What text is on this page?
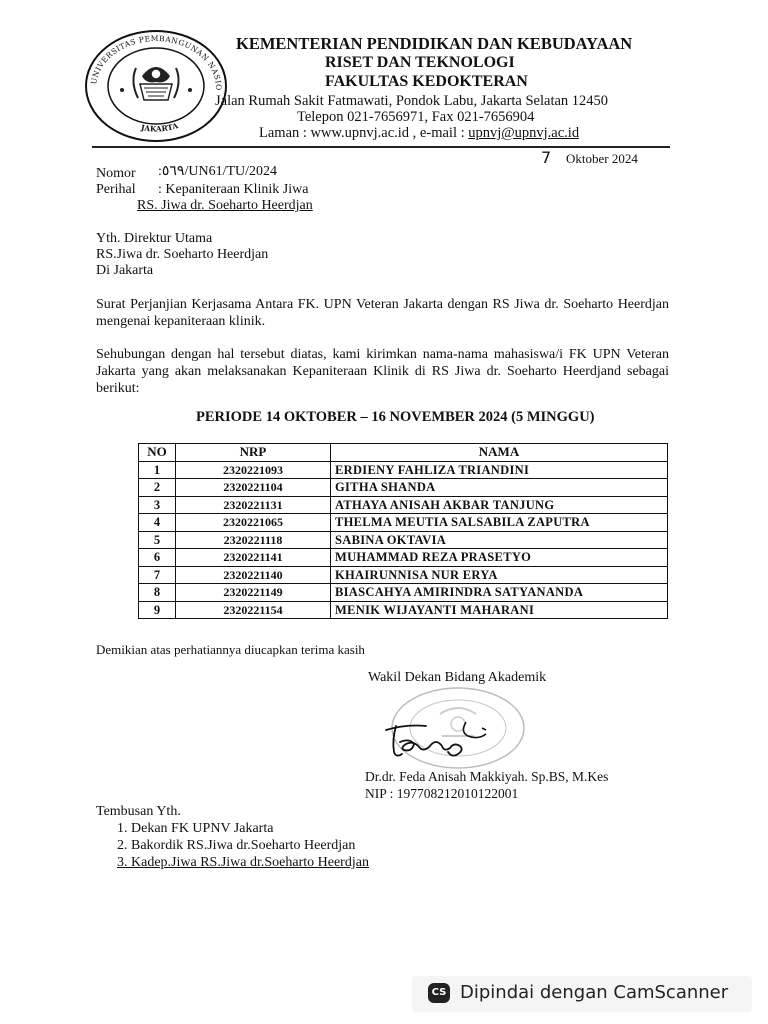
UNIVERSITAS PEMBANGUNAN NASIO
JAKARTA
KEMENTERIAN PENDIDIKAN DAN KEBUDAYAAN
RISET DAN TEKNOLOGI
FAKULTAS KEDOKTERAN
Jalan Rumah Sakit Fatmawati, Pondok Labu, Jakarta Selatan 12450
Telepon 021-7656971, Fax 021-7656904
Laman : www.upnvj.ac.id , e-mail : upnvj@upnvj.ac.id
7 Oktober 2024
Nomor :٥٦٩/UN61/TU/2024
Perihal : Kepaniteraan Klinik Jiwa
RS. Jiwa dr. Soeharto Heerdjan
Yth. Direktur Utama
RS.Jiwa dr. Soeharto Heerdjan
Di Jakarta
Surat Perjanjian Kerjasama Antara FK. UPN Veteran Jakarta dengan RS Jiwa dr. Soeharto Heerdjan mengenai kepaniteraan klinik.
Sehubungan dengan hal tersebut diatas, kami kirimkan nama-nama mahasiswa/i FK UPN Veteran Jakarta yang akan melaksanakan Kepaniteraan Klinik di RS Jiwa dr. Soeharto Heerdjand sebagai berikut:
PERIODE 14 OKTOBER – 16 NOVEMBER 2024 (5 MINGGU)
NO	NRP	NAMA
1	2320221093	ERDIENY FAHLIZA TRIANDINI
2	2320221104	GITHA SHANDA
3	2320221131	ATHAYA ANISAH AKBAR TANJUNG
4	2320221065	THELMA MEUTIA SALSABILA ZAPUTRA
5	2320221118	SABINA OKTAVIA
6	2320221141	MUHAMMAD REZA PRASETYO
7	2320221140	KHAIRUNNISA NUR ERYA
8	2320221149	BIASCAHYA AMIRINDRA SATYANANDA
9	2320221154	MENIK WIJAYANTI MAHARANI
Demikian atas perhatiannya diucapkan terima kasih
Wakil Dekan Bidang Akademik
Dr.dr. Feda Anisah Makkiyah. Sp.BS, M.Kes
NIP : 197708212010122001
Tembusan Yth.
1. Dekan FK UPNV Jakarta
2. Bakordik RS.Jiwa dr.Soeharto Heerdjan
3. Kadep.Jiwa RS.Jiwa dr.Soeharto Heerdjan
CS Dipindai dengan CamScanner
